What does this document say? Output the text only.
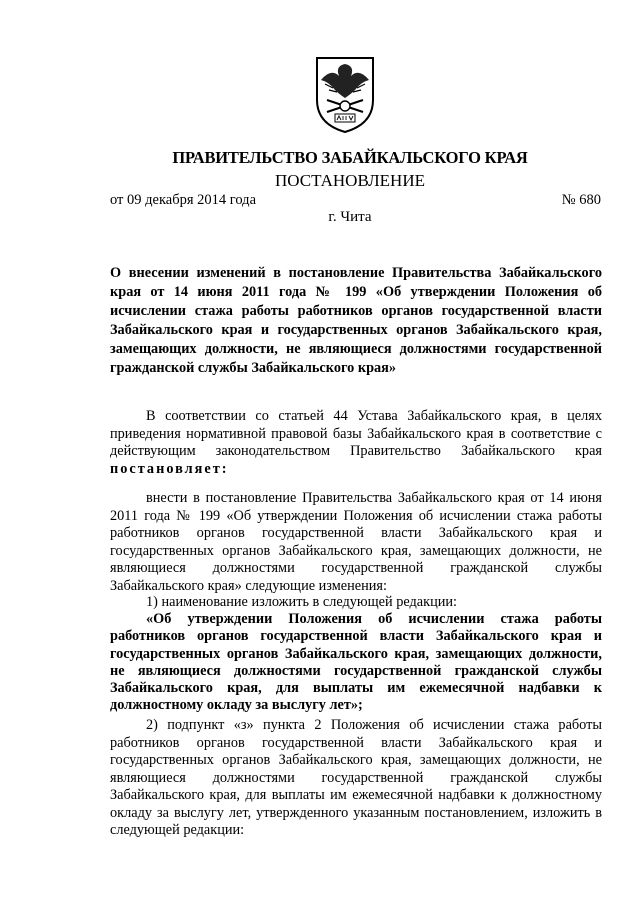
ПРАВИТЕЛЬСТВО ЗАБАЙКАЛЬСКОГО КРАЯ
ПОСТАНОВЛЕНИЕ
от 09 декабря 2014 года	№ 680
г. Чита
О внесении изменений в постановление Правительства Забайкальского края от 14 июня 2011 года № 199 «Об утверждении Положения об исчислении стажа работы работников органов государственной власти Забайкальского края и государственных органов Забайкальского края, замещающих должности, не являющиеся должностями государственной гражданской службы Забайкальского края»
В соответствии со статьей 44 Устава Забайкальского края, в целях приведения нормативной правовой базы Забайкальского края в соответствие с действующим законодательством Правительство Забайкальского края постановляет:
внести в постановление Правительства Забайкальского края от 14 июня 2011 года № 199 «Об утверждении Положения об исчислении стажа работы работников органов государственной власти Забайкальского края и государственных органов Забайкальского края, замещающих должности, не являющиеся должностями государственной гражданской службы Забайкальского края» следующие изменения:
1) наименование изложить в следующей редакции:
«Об утверждении Положения об исчислении стажа работы работников органов государственной власти Забайкальского края и государственных органов Забайкальского края, замещающих должности, не являющиеся должностями государственной гражданской службы Забайкальского края, для выплаты им ежемесячной надбавки к должностному окладу за выслугу лет»;
2) подпункт «з» пункта 2 Положения об исчислении стажа работы работников органов государственной власти Забайкальского края и государственных органов Забайкальского края, замещающих должности, не являющиеся должностями государственной гражданской службы Забайкальского края, для выплаты им ежемесячной надбавки к должностному окладу за выслугу лет, утвержденного указанным постановлением, изложить в следующей редакции:
